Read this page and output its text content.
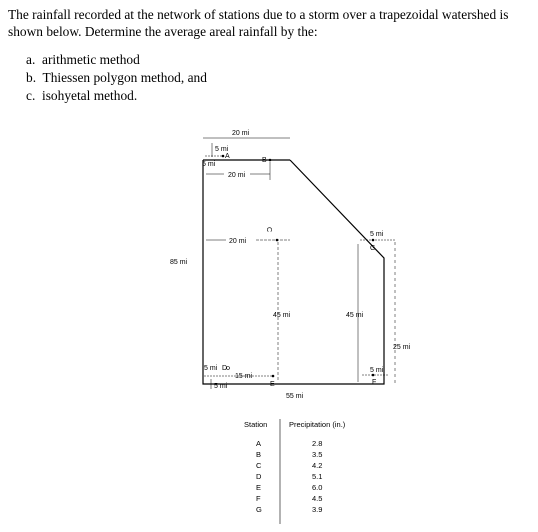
The rainfall recorded at the network of stations due to a storm over a trapezoidal watershed is shown below. Determine the average areal rainfall by the:

a. arithmetic method
b. Thiessen polygon method, and
c. isohyetal method.
20 mi
5 mi
5 mi
A
B
20 mi
C
20 mi
45 mi
85 mi
5 mi
G
45 mi
25 mi
5 mi
F
5 mi D
15 mi
E
5 mi
55 mi
Station	Precipitation (in.)
A	2.8
B	3.5
C	4.2
D	5.1
E	6.0
F	4.5
G	3.9
